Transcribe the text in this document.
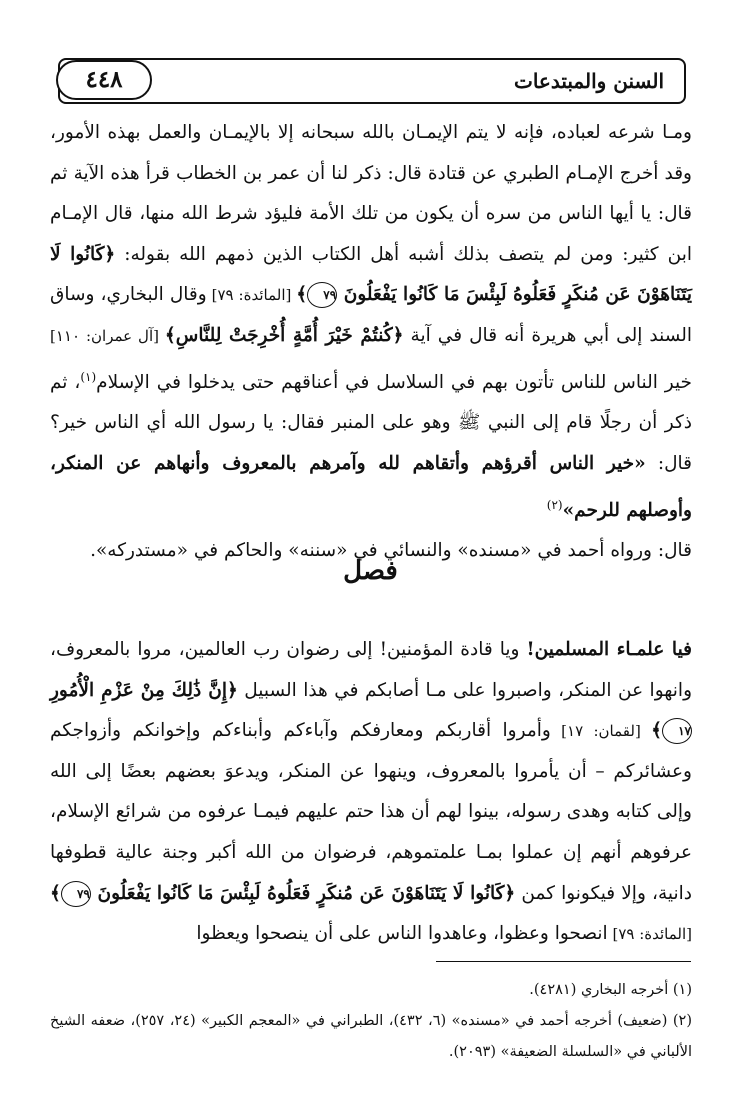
السنن والمبتدعات
٤٤٨

ومـا شرعه لعباده، فإنه لا يتم الإيمـان بالله سبحانه إلا بالإيمـان والعمل بهذه الأمور، وقد أخرج الإمـام الطبري عن قتادة قال: ذكر لنا أن عمر بن الخطاب قرأ هذه الآية ثم قال: يا أيها الناس من سره أن يكون من تلك الأمة فليؤد شرط الله منها، قال الإمـام ابن كثير: ومن لم يتصف بذلك أشبه أهل الكتاب الذين ذمهم الله بقوله: ﴿كَانُوا لَا يَتَنَاهَوْنَ عَن مُنكَرٍ فَعَلُوهُ لَبِئْسَ مَا كَانُوا يَفْعَلُونَ ٧٩﴾ [المائدة: ٧٩] وقال البخاري، وساق السند إلى أبي هريرة أنه قال في آية ﴿كُنتُمْ خَيْرَ أُمَّةٍ أُخْرِجَتْ لِلنَّاسِ﴾ [آل عمران: ١١٠] خير الناس للناس تأتون بهم في السلاسل في أعناقهم حتى يدخلوا في الإسلام$^{(١)}$، ثم ذكر أن رجلًا قام إلى النبي ﷺ وهو على المنبر فقال: يا رسول الله أي الناس خير؟ قال: «خير الناس أقرؤهم وأتقاهم لله وآمرهم بالمعروف وأنهاهم عن المنكر، وأوصلهم للرحم»$^{(٢)}$

قال: ورواه أحمد في «مسنده» والنسائي في «سننه» والحاكم في «مستدركه».

فصل

فيا علمـاء المسلمين! ويا قادة المؤمنين! إلى رضوان رب العالمين، مروا بالمعروف، وانهوا عن المنكر، واصبروا على مـا أصابكم في هذا السبيل ﴿إِنَّ ذَٰلِكَ مِنْ عَزْمِ الْأُمُورِ ١٧﴾ [لقمان: ١٧] وأمروا أقاربكم ومعارفكم وآباءكم وأبناءكم وإخوانكم وأزواجكم وعشائركم – أن يأمروا بالمعروف، وينهوا عن المنكر، ويدعوَ بعضهم بعضًا إلى الله وإلى كتابه وهدى رسوله، بينوا لهم أن هذا حتم عليهم فيمـا عرفوه من شرائع الإسلام، عرفوهم أنهم إن عملوا بمـا علمتموهم، فرضوان من الله أكبر وجنة عالية قطوفها دانية، وإلا فيكونوا كمن ﴿كَانُوا لَا يَتَنَاهَوْنَ عَن مُنكَرٍ فَعَلُوهُ لَبِئْسَ مَا كَانُوا يَفْعَلُونَ ٧٩﴾ [المائدة: ٧٩] انصحوا وعظوا، وعاهدوا الناس على أن ينصحوا ويعظوا

(١) أخرجه البخاري (٤٢٨١).

(٢) (ضعيف) أخرجه أحمد في «مسنده» (٦، ٤٣٢)، الطبراني في «المعجم الكبير» (٢٤، ٢٥٧)، ضعفه الشيخ الألباني في «السلسلة الضعيفة» (٢٠٩٣).
